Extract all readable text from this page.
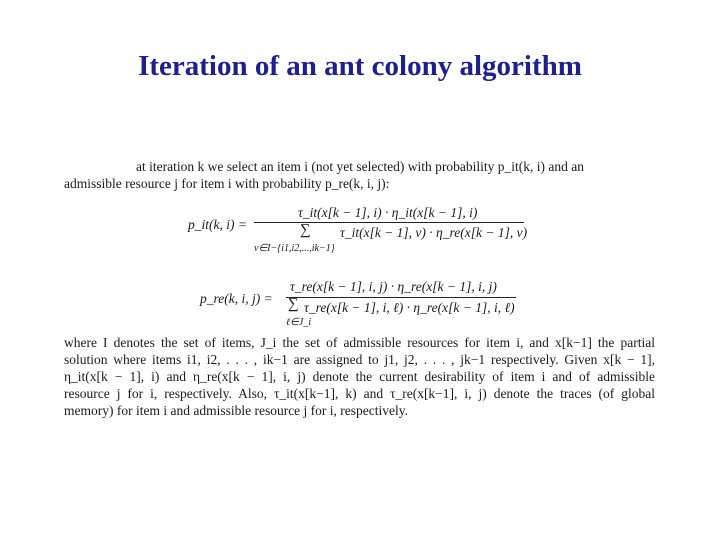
Iteration of an ant colony algorithm
at iteration k we select an item i (not yet selected) with probability p_it(k, i) and an
admissible resource j for item i with probability p_re(k, i, j):
p_it(k, i) =
τ_it(x[k − 1], i) · η_it(x[k − 1], i)
∑ τ_it(x[k − 1], ν) · η_re(x[k − 1], ν)
ν∈I−{i1,i2,...,ik−1}
p_re(k, i, j) =
τ_re(x[k − 1], i, j) · η_re(x[k − 1], i, j)
∑ τ_re(x[k − 1], i, ℓ) · η_re(x[k − 1], i, ℓ)
ℓ∈J_i
where I denotes the set of items, J_i the set of admissible resources for item i, and x[k−1] the partial
solution where items i1, i2, . . . , ik−1 are assigned to j1, j2, . . . , jk−1 respectively. Given x[k − 1],
η_it(x[k − 1], i) and η_re(x[k − 1], i, j) denote the current desirability of item i and of admissible
resource j for i, respectively. Also, τ_it(x[k−1], k) and τ_re(x[k−1], i, j) denote the traces (of global
memory) for item i and admissible resource j for i, respectively.
